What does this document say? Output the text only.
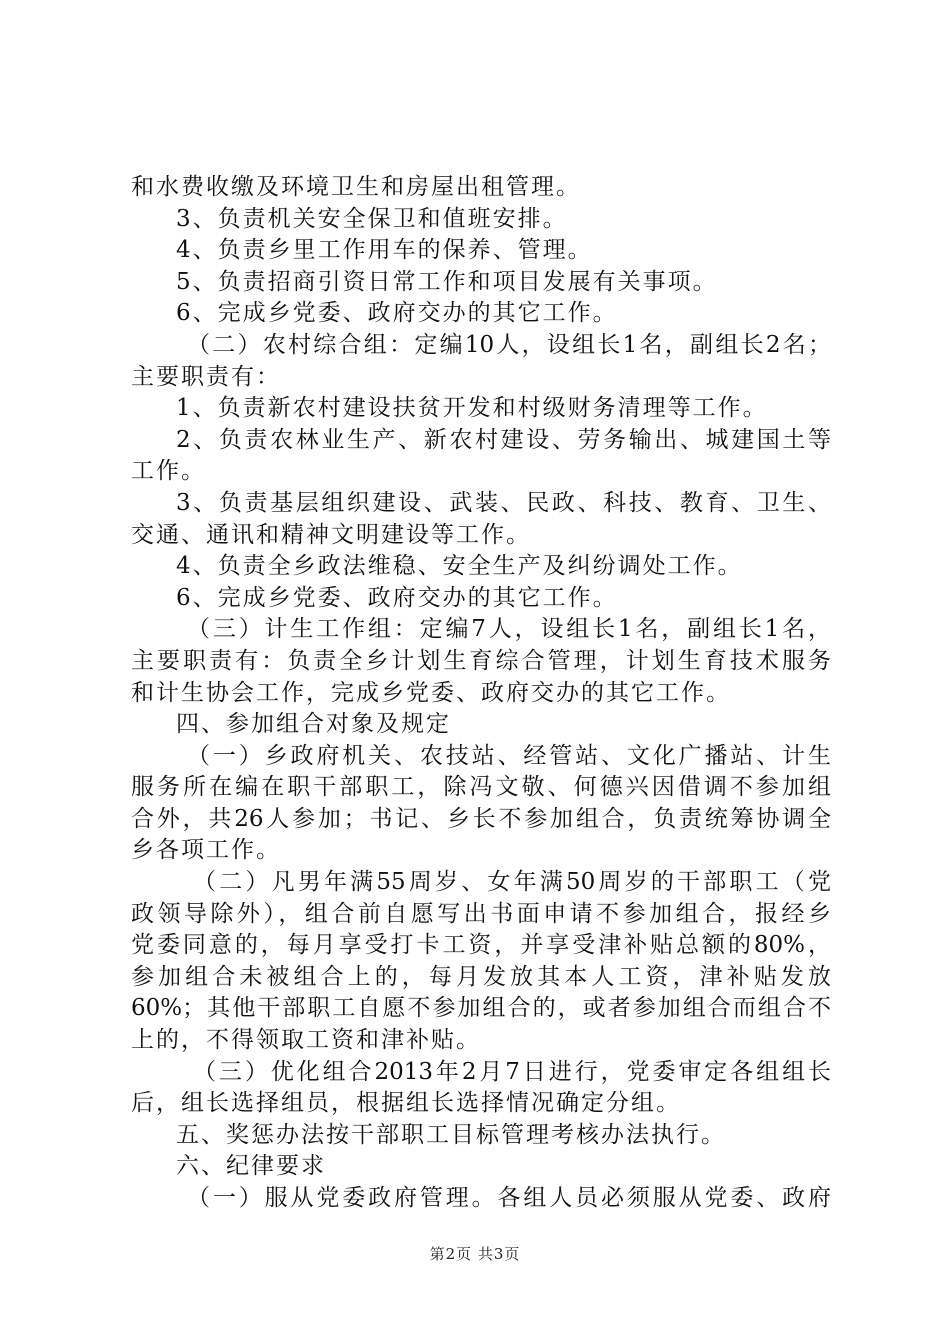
和水费收缴及环境卫生和房屋出租管理。
3、负责机关安全保卫和值班安排。
4、负责乡里工作用车的保养、管理。
5、负责招商引资日常工作和项目发展有关事项。
6、完成乡党委、政府交办的其它工作。
（二）农村综合组：定编10人，设组长1名，副组长2名；
主要职责有：
1、负责新农村建设扶贫开发和村级财务清理等工作。
2、负责农林业生产、新农村建设、劳务输出、城建国土等
工作。
3、负责基层组织建设、武装、民政、科技、教育、卫生、
交通、通讯和精神文明建设等工作。
4、负责全乡政法维稳、安全生产及纠纷调处工作。
6、完成乡党委、政府交办的其它工作。
（三）计生工作组：定编7人，设组长1名，副组长1名，
主要职责有：负责全乡计划生育综合管理，计划生育技术服务
和计生协会工作，完成乡党委、政府交办的其它工作。
四、参加组合对象及规定
（一）乡政府机关、农技站、经管站、文化广播站、计生
服务所在编在职干部职工，除冯文敬、何德兴因借调不参加组
合外，共26人参加；书记、乡长不参加组合，负责统筹协调全
乡各项工作。
（二）凡男年满55周岁、女年满50周岁的干部职工（党
政领导除外），组合前自愿写出书面申请不参加组合，报经乡
党委同意的，每月享受打卡工资，并享受津补贴总额的80%，
参加组合未被组合上的，每月发放其本人工资，津补贴发放
60%；其他干部职工自愿不参加组合的，或者参加组合而组合不
上的，不得领取工资和津补贴。
（三）优化组合2013年2月7日进行，党委审定各组组长
后，组长选择组员，根据组长选择情况确定分组。
五、奖惩办法按干部职工目标管理考核办法执行。
六、纪律要求
（一）服从党委政府管理。各组人员必须服从党委、政府
第2页 共3页
